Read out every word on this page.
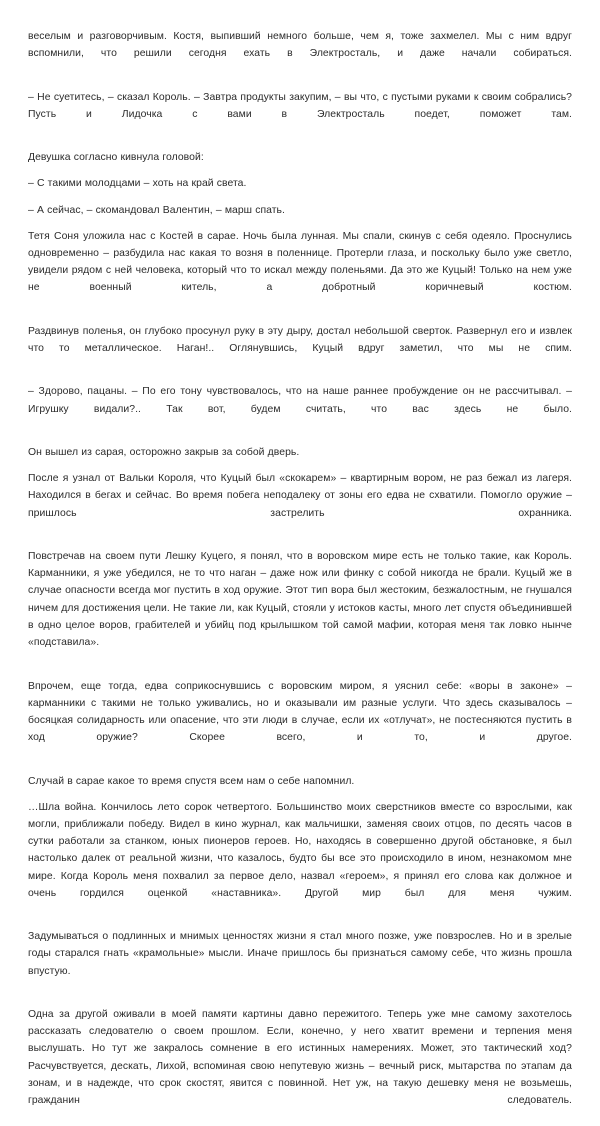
веселым и разговорчивым. Костя, выпивший немного больше, чем я, тоже захмелел. Мы с ним вдруг вспомнили, что решили сегодня ехать в Электросталь, и даже начали собираться.

– Не суетитесь, – сказал Король. – Завтра продукты закупим, – вы что, с пустыми руками к своим собрались? Пусть и Лидочка с вами в Электросталь поедет, поможет там.

Девушка согласно кивнула головой:

– С такими молодцами – хоть на край света.

– А сейчас, – скомандовал Валентин, – марш спать.

Тетя Соня уложила нас с Костей в сарае. Ночь была лунная. Мы спали, скинув с себя одеяло. Проснулись одновременно – разбудила нас какая то возня в поленнице. Протерли глаза, и поскольку было уже светло, увидели рядом с ней человека, который что то искал между поленьями. Да это же Куцый! Только на нем уже не военный китель, а добротный коричневый костюм.

Раздвинув поленья, он глубоко просунул руку в эту дыру, достал небольшой сверток. Развернул его и извлек что то металлическое. Наган!.. Оглянувшись, Куцый вдруг заметил, что мы не спим.

– Здорово, пацаны. – По его тону чувствовалось, что на наше раннее пробуждение он не рассчитывал. – Игрушку видали?.. Так вот, будем считать, что вас здесь не было.

Он вышел из сарая, осторожно закрыв за собой дверь.

После я узнал от Вальки Короля, что Куцый был «скокарем» – квартирным вором, не раз бежал из лагеря. Находился в бегах и сейчас. Во время побега неподалеку от зоны его едва не схватили. Помогло оружие – пришлось застрелить охранника.

Повстречав на своем пути Лешку Куцего, я понял, что в воровском мире есть не только такие, как Король. Карманники, я уже убедился, не то что наган – даже нож или финку с собой никогда не брали. Куцый же в случае опасности всегда мог пустить в ход оружие. Этот тип вора был жестоким, безжалостным, не гнушался ничем для достижения цели. Не такие ли, как Куцый, стояли у истоков касты, много лет спустя объединившей в одно целое воров, грабителей и убийц под крылышком той самой мафии, которая меня так ловко нынче «подставила».

Впрочем, еще тогда, едва соприкоснувшись с воровским миром, я уяснил себе: «воры в законе» – карманники с такими не только уживались, но и оказывали им разные услуги. Что здесь сказывалось – босяцкая солидарность или опасение, что эти люди в случае, если их «отлучат», не постесняются пустить в ход оружие? Скорее всего, и то, и другое.

Случай в сарае какое то время спустя всем нам о себе напомнил.

…Шла война. Кончилось лето сорок четвертого. Большинство моих сверстников вместе со взрослыми, как могли, приближали победу. Видел в кино журнал, как мальчишки, заменяя своих отцов, по десять часов в сутки работали за станком, юных пионеров героев. Но, находясь в совершенно другой обстановке, я был настолько далек от реальной жизни, что казалось, будто бы все это происходило в ином, незнакомом мне мире. Когда Король меня похвалил за первое дело, назвал «героем», я принял его слова как должное и очень гордился оценкой «наставника». Другой мир был для меня чужим.

Задумываться о подлинных и мнимых ценностях жизни я стал много позже, уже повзрослев. Но и в зрелые годы старался гнать «крамольные» мысли. Иначе пришлось бы признаться самому себе, что жизнь прошла впустую.

Одна за другой оживали в моей памяти картины давно пережитого. Теперь уже мне самому захотелось рассказать следователю о своем прошлом. Если, конечно, у него хватит времени и терпения меня выслушать. Но тут же закралось сомнение в его истинных намерениях. Может, это тактический ход? Расчувствуется, дескать, Лихой, вспоминая свою непутевую жизнь – вечный риск, мытарства по этапам да зонам, и в надежде, что срок скостят, явится с повинной. Нет уж, на такую дешевку меня не возьмешь, гражданин следователь.
